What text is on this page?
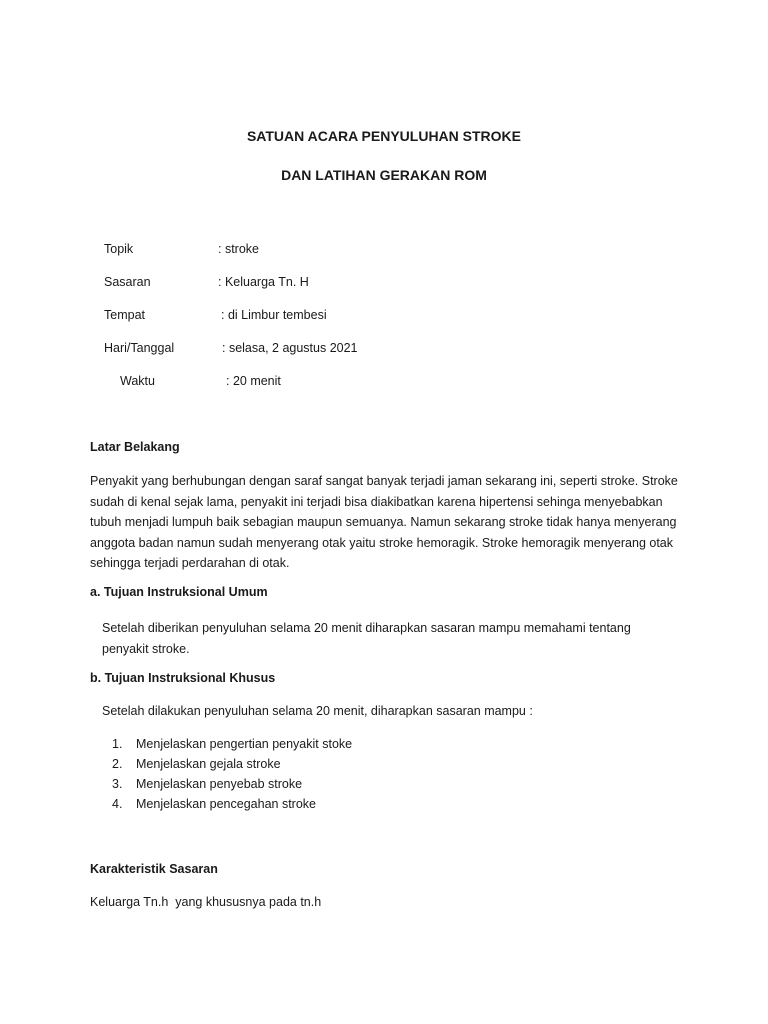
SATUAN ACARA PENYULUHAN STROKE
DAN LATIHAN GERAKAN ROM
Topik	: stroke
Sasaran	: Keluarga Tn. H
Tempat	: di Limbur tembesi
Hari/Tanggal	: selasa, 2 agustus 2021
Waktu	: 20 menit
Latar Belakang
Penyakit yang berhubungan dengan saraf sangat banyak terjadi jaman sekarang ini, seperti stroke. Stroke sudah di kenal sejak lama, penyakit ini terjadi bisa diakibatkan karena hipertensi sehinga menyebabkan tubuh menjadi lumpuh baik sebagian maupun semuanya. Namun sekarang stroke tidak hanya menyerang anggota badan namun sudah menyerang otak yaitu stroke hemoragik. Stroke hemoragik menyerang otak sehingga terjadi perdarahan di otak.
a. Tujuan Instruksional Umum
Setelah diberikan penyuluhan selama 20 menit diharapkan sasaran mampu memahami tentang penyakit stroke.
b. Tujuan Instruksional Khusus
Setelah dilakukan penyuluhan selama 20 menit, diharapkan sasaran mampu :
1. Menjelaskan pengertian penyakit stoke
2. Menjelaskan gejala stroke
3. Menjelaskan penyebab stroke
4. Menjelaskan pencegahan stroke
Karakteristik Sasaran
Keluarga Tn.h  yang khususnya pada tn.h
